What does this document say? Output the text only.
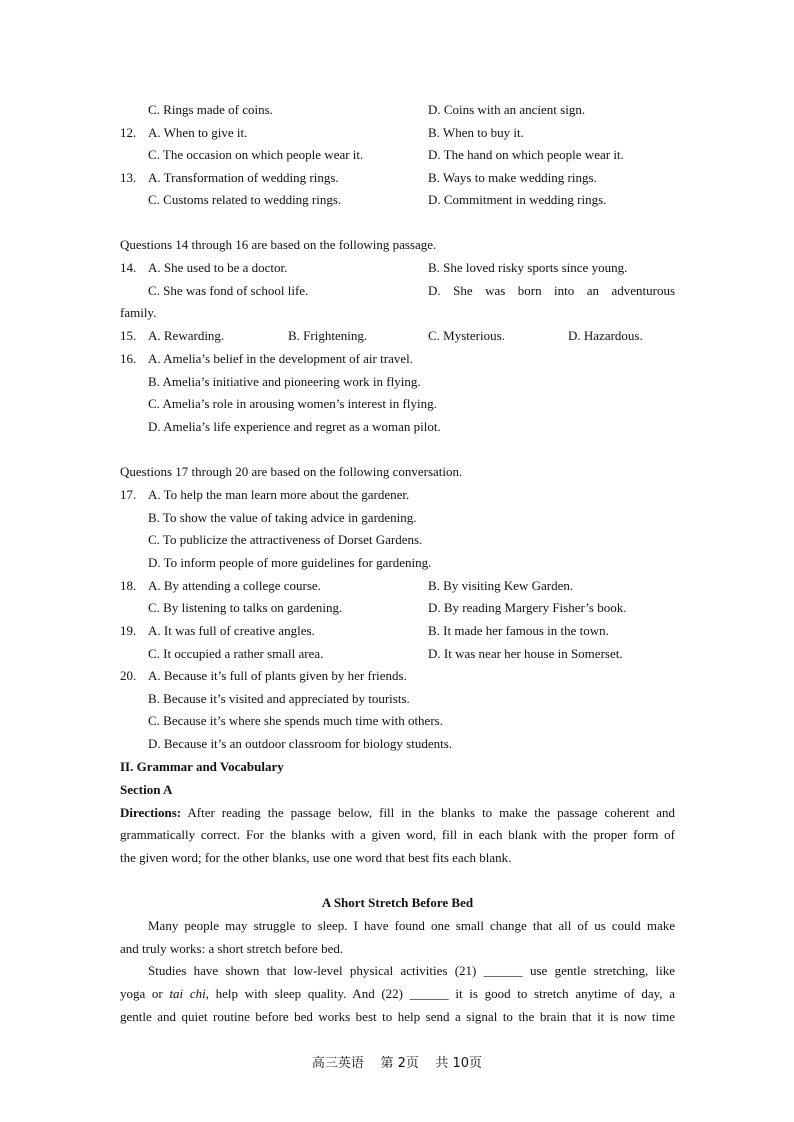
C. Rings made of coins.	D. Coins with an ancient sign.
12. A. When to give it.	B. When to buy it.
C. The occasion on which people wear it.	D. The hand on which people wear it.
13. A. Transformation of wedding rings.	B. Ways to make wedding rings.
C. Customs related to wedding rings.	D. Commitment in wedding rings.
Questions 14 through 16 are based on the following passage.
14. A. She used to be a doctor.	B. She loved risky sports since young.
C. She was fond of school life.	D. She was born into an adventurous
family.
15. A. Rewarding.	B. Frightening.	C. Mysterious.	D. Hazardous.
16. A. Amelia’s belief in the development of air travel.
B. Amelia’s initiative and pioneering work in flying.
C. Amelia’s role in arousing women’s interest in flying.
D. Amelia’s life experience and regret as a woman pilot.
Questions 17 through 20 are based on the following conversation.
17. A. To help the man learn more about the gardener.
B. To show the value of taking advice in gardening.
C. To publicize the attractiveness of Dorset Gardens.
D. To inform people of more guidelines for gardening.
18. A. By attending a college course.	B. By visiting Kew Garden.
C. By listening to talks on gardening.	D. By reading Margery Fisher’s book.
19. A. It was full of creative angles.	B. It made her famous in the town.
C. It occupied a rather small area.	D. It was near her house in Somerset.
20. A. Because it’s full of plants given by her friends.
B. Because it’s visited and appreciated by tourists.
C. Because it’s where she spends much time with others.
D. Because it’s an outdoor classroom for biology students.
II. Grammar and Vocabulary
Section A
Directions: After reading the passage below, fill in the blanks to make the passage coherent and
grammatically correct. For the blanks with a given word, fill in each blank with the proper form of
the given word; for the other blanks, use one word that best fits each blank.
A Short Stretch Before Bed
Many people may struggle to sleep. I have found one small change that all of us could make
and truly works: a short stretch before bed.
Studies have shown that low-level physical activities (21) ______ use gentle stretching, like
yoga or tai chi, help with sleep quality. And (22) ______ it is good to stretch anytime of day, a
gentle and quiet routine before bed works best to help send a signal to the brain that it is now time
高三英语    第 2页    共 10页
